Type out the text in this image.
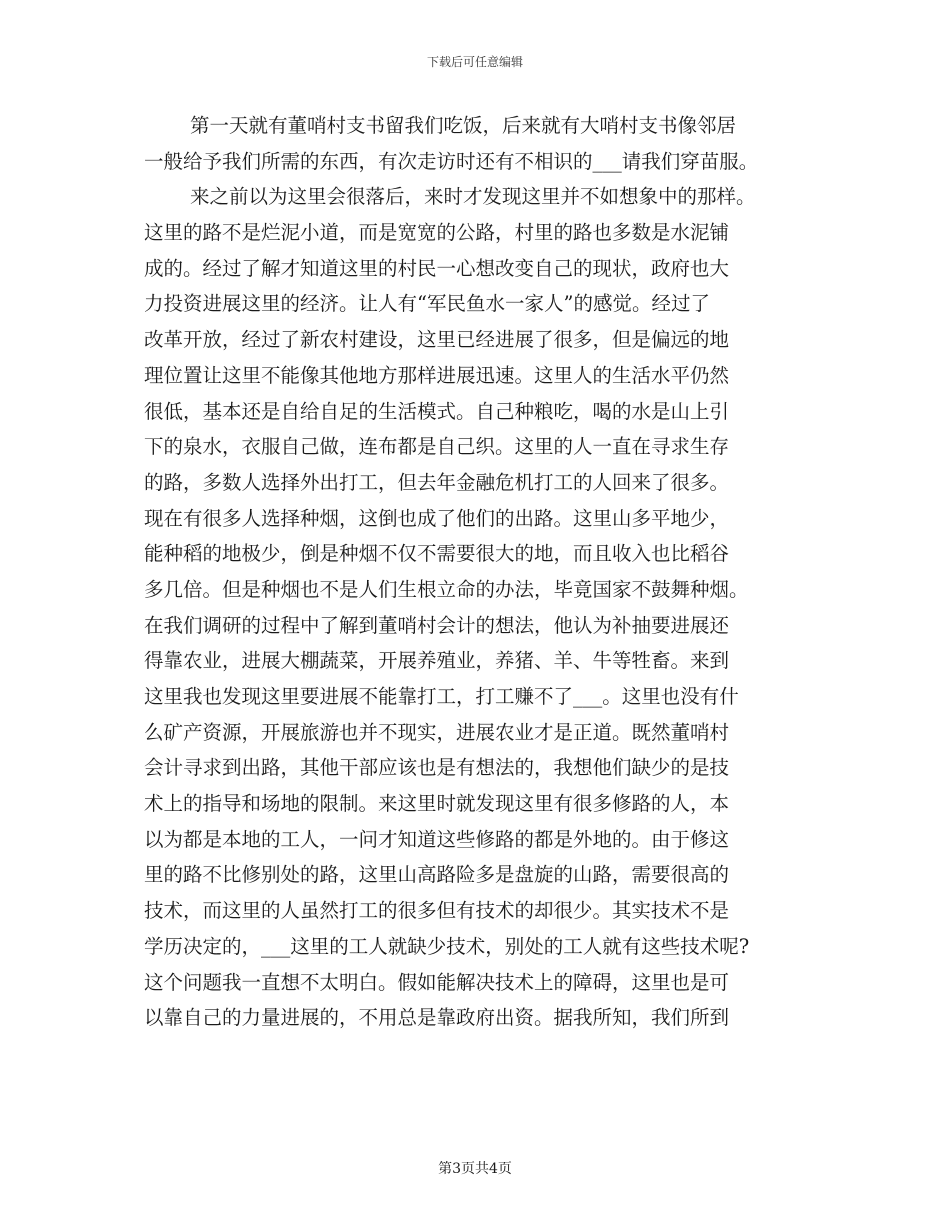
下载后可任意编辑
第一天就有董哨村支书留我们吃饭，后来就有大哨村支书像邻居
一般给予我们所需的东西，有次走访时还有不相识的___请我们穿苗服。
来之前以为这里会很落后，来时才发现这里并不如想象中的那样。
这里的路不是烂泥小道，而是宽宽的公路，村里的路也多数是水泥铺
成的。经过了解才知道这里的村民一心想改变自己的现状，政府也大
力投资进展这里的经济。让人有“军民鱼水一家人”的感觉。经过了
改革开放，经过了新农村建设，这里已经进展了很多，但是偏远的地
理位置让这里不能像其他地方那样进展迅速。这里人的生活水平仍然
很低，基本还是自给自足的生活模式。自己种粮吃，喝的水是山上引
下的泉水，衣服自己做，连布都是自己织。这里的人一直在寻求生存
的路，多数人选择外出打工，但去年金融危机打工的人回来了很多。
现在有很多人选择种烟，这倒也成了他们的出路。这里山多平地少，
能种稻的地极少，倒是种烟不仅不需要很大的地，而且收入也比稻谷
多几倍。但是种烟也不是人们生根立命的办法，毕竟国家不鼓舞种烟。
在我们调研的过程中了解到董哨村会计的想法，他认为补抽要进展还
得靠农业，进展大棚蔬菜，开展养殖业，养猪、羊、牛等牲畜。来到
这里我也发现这里要进展不能靠打工，打工赚不了___。这里也没有什
么矿产资源，开展旅游也并不现实，进展农业才是正道。既然董哨村
会计寻求到出路，其他干部应该也是有想法的，我想他们缺少的是技
术上的指导和场地的限制。来这里时就发现这里有很多修路的人，本
以为都是本地的工人，一问才知道这些修路的都是外地的。由于修这
里的路不比修别处的路，这里山高路险多是盘旋的山路，需要很高的
技术，而这里的人虽然打工的很多但有技术的却很少。其实技术不是
学历决定的，___这里的工人就缺少技术，别处的工人就有这些技术呢?
这个问题我一直想不太明白。假如能解决技术上的障碍，这里也是可
以靠自己的力量进展的，不用总是靠政府出资。据我所知，我们所到
第3页共4页
